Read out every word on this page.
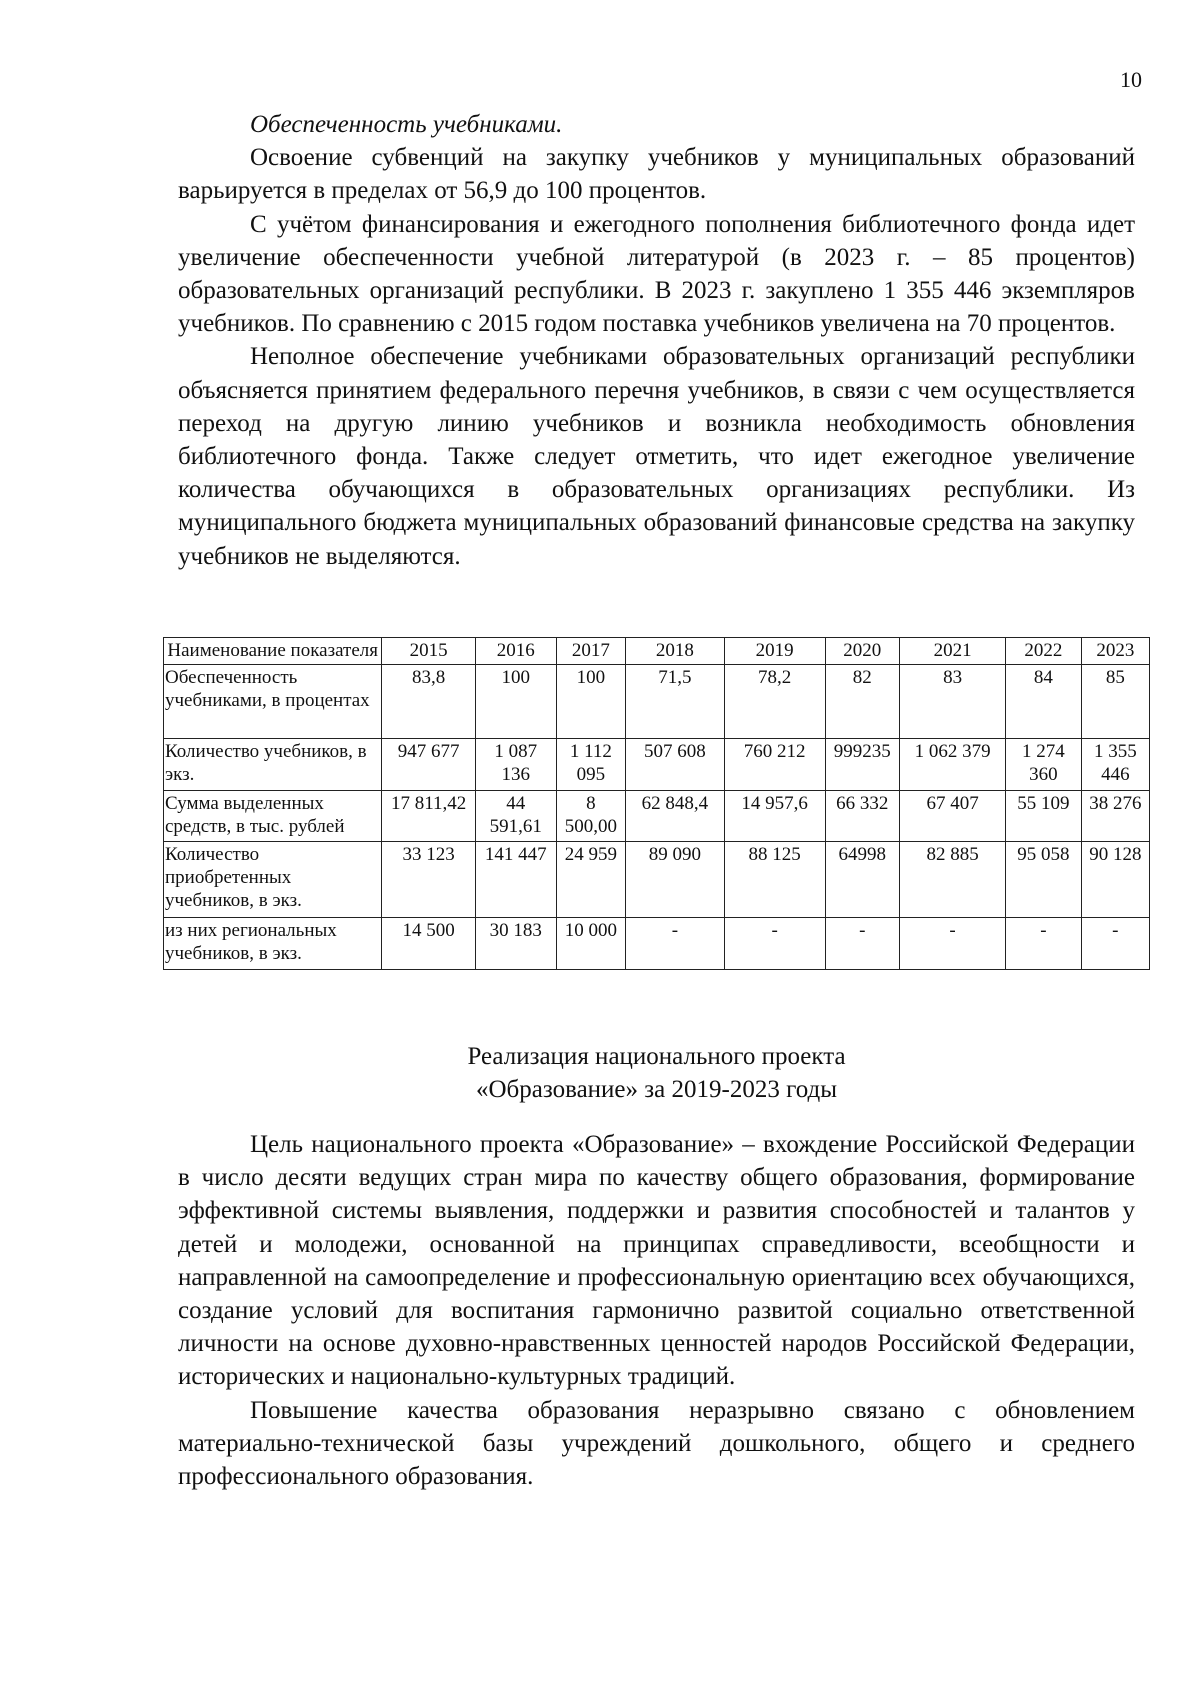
10

Обеспеченность учебниками.

Освоение субвенций на закупку учебников у муниципальных образований варьируется в пределах от 56,9 до 100 процентов.

С учётом финансирования и ежегодного пополнения библиотечного фонда идет увеличение обеспеченности учебной литературой (в 2023 г. – 85 процентов) образовательных организаций республики. В 2023 г. закуплено 1 355 446 экземпляров учебников. По сравнению с 2015 годом поставка учебников увеличена на 70 процентов.

Неполное обеспечение учебниками образовательных организаций республики объясняется принятием федерального перечня учебников, в связи с чем осуществляется переход на другую линию учебников и возникла необходимость обновления библиотечного фонда. Также следует отметить, что идет ежегодное увеличение количества обучающихся в образовательных организациях республики. Из муниципального бюджета муниципальных образований финансовые средства на закупку учебников не выделяются.

Наименование показателя	2015	2016	2017	2018	2019	2020	2021	2022	2023
Обеспеченность учебниками, в процентах	83,8	100	100	71,5	78,2	82	83	84	85
Количество учебников, в экз.	947 677	1 087 136	1 112 095	507 608	760 212	999235	1 062 379	1 274 360	1 355 446
Сумма выделенных средств, в тыс. рублей	17 811,42	44 591,61	8 500,00	62 848,4	14 957,6	66 332	67 407	55 109	38 276
Количество приобретенных учебников, в экз.	33 123	141 447	24 959	89 090	88 125	64998	82 885	95 058	90 128
из них региональных учебников, в экз.	14 500	30 183	10 000	-	-	-	-	-	-
Реализация национального проекта
«Образование» за 2019-2023 годы

Цель национального проекта «Образование» – вхождение Российской Федерации в число десяти ведущих стран мира по качеству общего образования, формирование эффективной системы выявления, поддержки и развития способностей и талантов у детей и молодежи, основанной на принципах справедливости, всеобщности и направленной на самоопределение и профессиональную ориентацию всех обучающихся, создание условий для воспитания гармонично развитой социально ответственной личности на основе духовно-нравственных ценностей народов Российской Федерации, исторических и национально-культурных традиций.

Повышение качества образования неразрывно связано с обновлением материально-технической базы учреждений дошкольного, общего и среднего профессионального образования.
